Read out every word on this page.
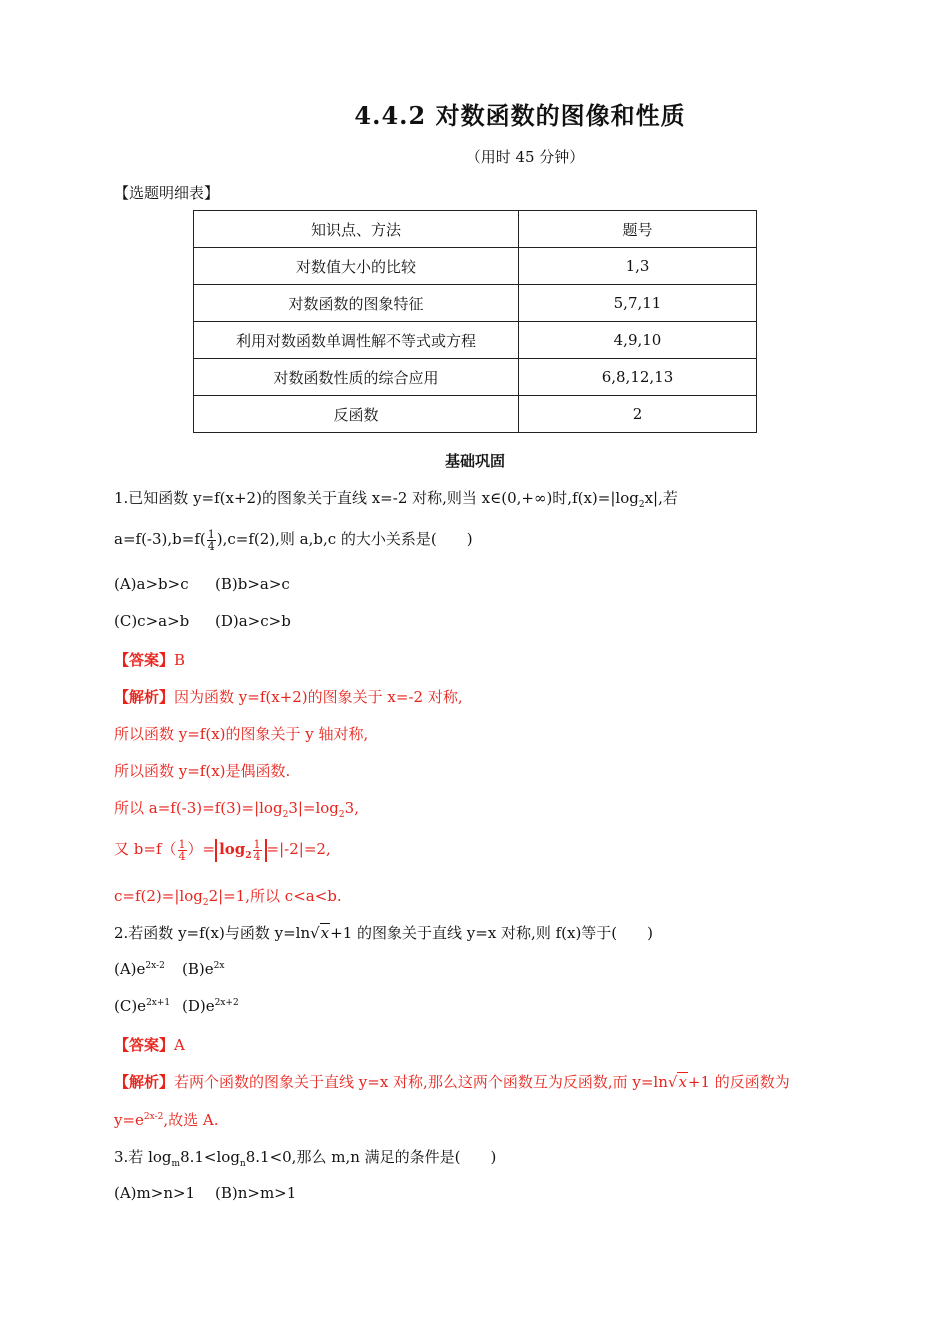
4.4.2 对数函数的图像和性质
（用时 45 分钟）
【选题明细表】
知识点、方法	题号
对数值大小的比较	1,3
对数函数的图象特征	5,7,11
利用对数函数单调性解不等式或方程	4,9,10
对数函数性质的综合应用	6,8,12,13
反函数	2
基础巩固
1.已知函数 y=f(x+2)的图象关于直线 x=-2 对称,则当 x∈(0,+∞)时$,f(x)=|\log_2x|$,若
$a=f(-3),b=f( \frac{1}{4} ),c=f(2)$,则 a,b,c 的大小关系是(　　)
(A)a>b>c (B)b>a>c
(C)c>a>b (D)a>c>b
【答案】B
【解析】因为函数 y=f(x+2)的图象关于 x=-2 对称,
所以函数 y=f(x)的图象关于 y 轴对称,
所以函数 y=f(x)是偶函数.
所以 $a=f(-3)=f(3)=|\log_23|=\log_23$,
又 $b=f( \frac{1}{4}$ ）= $\log_2 \frac{1}{4} =|-2|=2$,
$c=f(2)=|\log_22|=1$,所以 c<a<b.
2.若函数 y=f(x)与函数 y=ln√x+1 的图象关于直线 y=x 对称,则 f(x)等于(　　)
$(A)e^{2x-2}$ $(B)e^{2x}$
$(C)e^{2x+1}$ $(D)e^{2x+2}$
【答案】A
【解析】若两个函数的图象关于直线 y=x 对称,那么这两个函数互为反函数,而 y=ln√x+1 的反函数为
$y=e^{2x-2}$,故选 A.
3.若 $\log_m8.1<\log_n8.1<0$,那么 m,n 满足的条件是(　　)
(A)m>n>1 (B)n>m>1
